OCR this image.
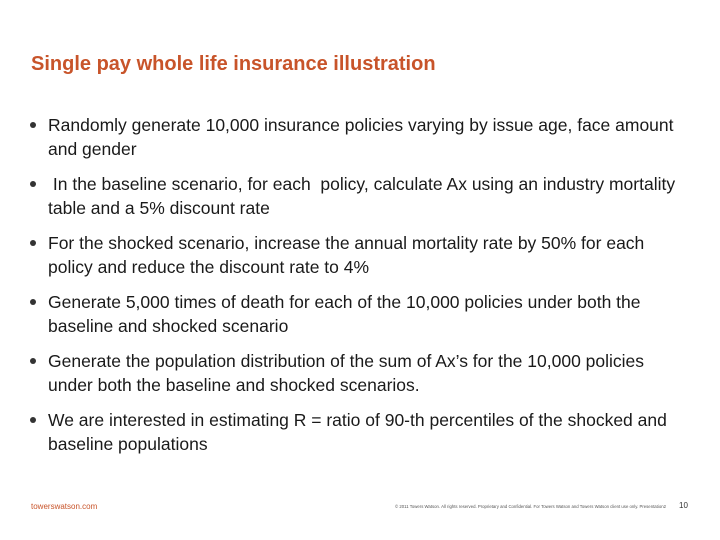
Single pay whole life insurance illustration
Randomly generate 10,000 insurance policies varying by issue age, face amount and gender
In the baseline scenario, for each  policy, calculate Ax using an industry mortality table and a 5% discount rate
For the shocked scenario, increase the annual mortality rate by 50% for each policy and reduce the discount rate to 4%
Generate 5,000 times of death for each of the 10,000 policies under both the baseline and shocked scenario
Generate the population distribution of the sum of Ax’s for the 10,000 policies under both the baseline and shocked scenarios.
We are interested in estimating R = ratio of 90-th percentiles of the shocked and baseline populations
towerswatson.com	© 2011 Towers Watson. All rights reserved. Proprietary and Confidential. For Towers Watson and Towers Watson client use only. Presentation2 10
